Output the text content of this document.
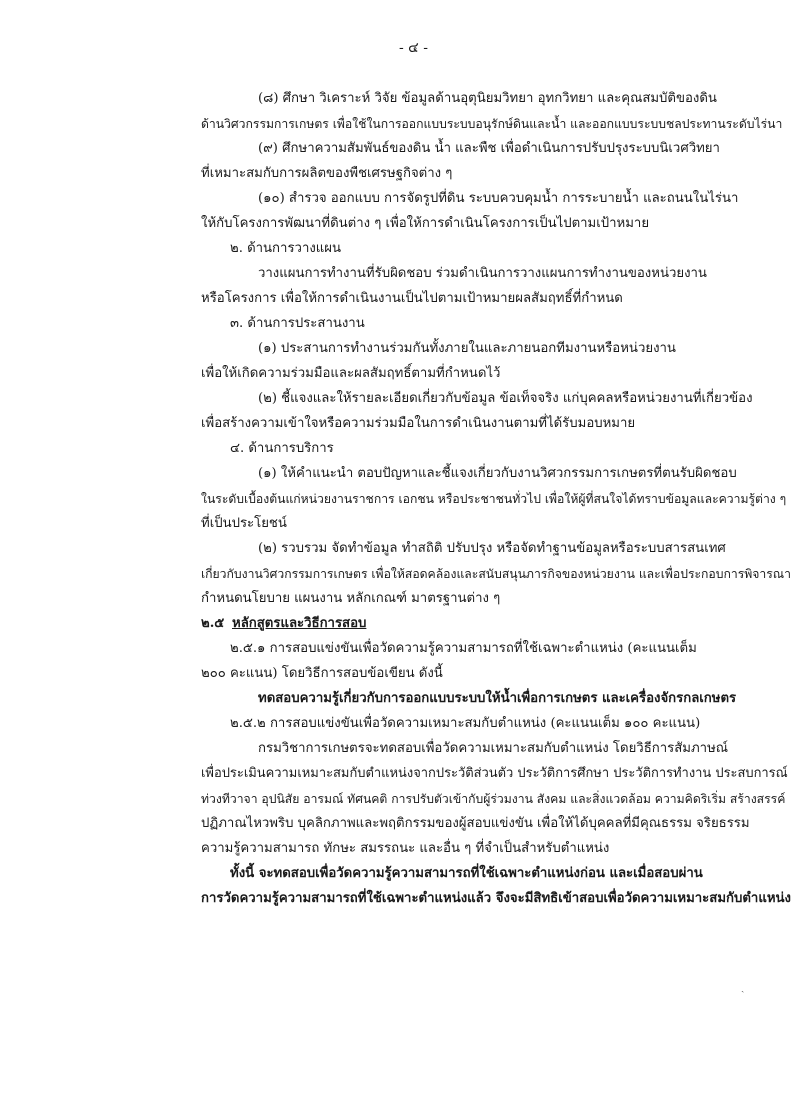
- ๔ -
(๘) ศึกษา วิเคราะห์ วิจัย ข้อมูลด้านอุตุนิยมวิทยา อุทกวิทยา และคุณสมบัติของดิน
ด้านวิศวกรรมการเกษตร เพื่อใช้ในการออกแบบระบบอนุรักษ์ดินและน้ำ และออกแบบระบบชลประทานระดับไร่นา
(๙) ศึกษาความสัมพันธ์ของดิน น้ำ และพืช เพื่อดำเนินการปรับปรุงระบบนิเวศวิทยา
ที่เหมาะสมกับการผลิตของพืชเศรษฐกิจต่าง ๆ
(๑๐) สำรวจ ออกแบบ การจัดรูปที่ดิน ระบบควบคุมน้ำ การระบายน้ำ และถนนในไร่นา
ให้กับโครงการพัฒนาที่ดินต่าง ๆ เพื่อให้การดำเนินโครงการเป็นไปตามเป้าหมาย
๒. ด้านการวางแผน
วางแผนการทำงานที่รับผิดชอบ ร่วมดำเนินการวางแผนการทำงานของหน่วยงาน
หรือโครงการ เพื่อให้การดำเนินงานเป็นไปตามเป้าหมายผลสัมฤทธิ์ที่กำหนด
๓. ด้านการประสานงาน
(๑) ประสานการทำงานร่วมกันทั้งภายในและภายนอกทีมงานหรือหน่วยงาน
เพื่อให้เกิดความร่วมมือและผลสัมฤทธิ์ตามที่กำหนดไว้
(๒) ชี้แจงและให้รายละเอียดเกี่ยวกับข้อมูล ข้อเท็จจริง แก่บุคคลหรือหน่วยงานที่เกี่ยวข้อง
เพื่อสร้างความเข้าใจหรือความร่วมมือในการดำเนินงานตามที่ได้รับมอบหมาย
๔. ด้านการบริการ
(๑) ให้คำแนะนำ ตอบปัญหาและชี้แจงเกี่ยวกับงานวิศวกรรมการเกษตรที่ตนรับผิดชอบ
ในระดับเบื้องต้นแก่หน่วยงานราชการ เอกชน หรือประชาชนทั่วไป เพื่อให้ผู้ที่สนใจได้ทราบข้อมูลและความรู้ต่าง ๆ
ที่เป็นประโยชน์
(๒) รวบรวม จัดทำข้อมูล ทำสถิติ ปรับปรุง หรือจัดทำฐานข้อมูลหรือระบบสารสนเทศ
เกี่ยวกับงานวิศวกรรมการเกษตร เพื่อให้สอดคล้องและสนับสนุนภารกิจของหน่วยงาน และเพื่อประกอบการพิจารณา
กำหนดนโยบาย แผนงาน หลักเกณฑ์ มาตรฐานต่าง ๆ
๒.๕ หลักสูตรและวิธีการสอบ
๒.๕.๑ การสอบแข่งขันเพื่อวัดความรู้ความสามารถที่ใช้เฉพาะตำแหน่ง (คะแนนเต็ม
๒๐๐ คะแนน) โดยวิธีการสอบข้อเขียน ดังนี้
ทดสอบความรู้เกี่ยวกับการออกแบบระบบให้น้ำเพื่อการเกษตร และเครื่องจักรกลเกษตร
๒.๕.๒ การสอบแข่งขันเพื่อวัดความเหมาะสมกับตำแหน่ง (คะแนนเต็ม ๑๐๐ คะแนน)
กรมวิชาการเกษตรจะทดสอบเพื่อวัดความเหมาะสมกับตำแหน่ง โดยวิธีการสัมภาษณ์
เพื่อประเมินความเหมาะสมกับตำแหน่งจากประวัติส่วนตัว ประวัติการศึกษา ประวัติการทำงาน ประสบการณ์
ท่วงทีวาจา อุปนิสัย อารมณ์ ทัศนคติ การปรับตัวเข้ากับผู้ร่วมงาน สังคม และสิ่งแวดล้อม ความคิดริเริ่ม สร้างสรรค์
ปฏิภาณไหวพริบ บุคลิกภาพและพฤติกรรมของผู้สอบแข่งขัน เพื่อให้ได้บุคคลที่มีคุณธรรม จริยธรรม
ความรู้ความสามารถ ทักษะ สมรรถนะ และอื่น ๆ ที่จำเป็นสำหรับตำแหน่ง
ทั้งนี้ จะทดสอบเพื่อวัดความรู้ความสามารถที่ใช้เฉพาะตำแหน่งก่อน และเมื่อสอบผ่าน
การวัดความรู้ความสามารถที่ใช้เฉพาะตำแหน่งแล้ว จึงจะมีสิทธิเข้าสอบเพื่อวัดความเหมาะสมกับตำแหน่ง
ˏ
